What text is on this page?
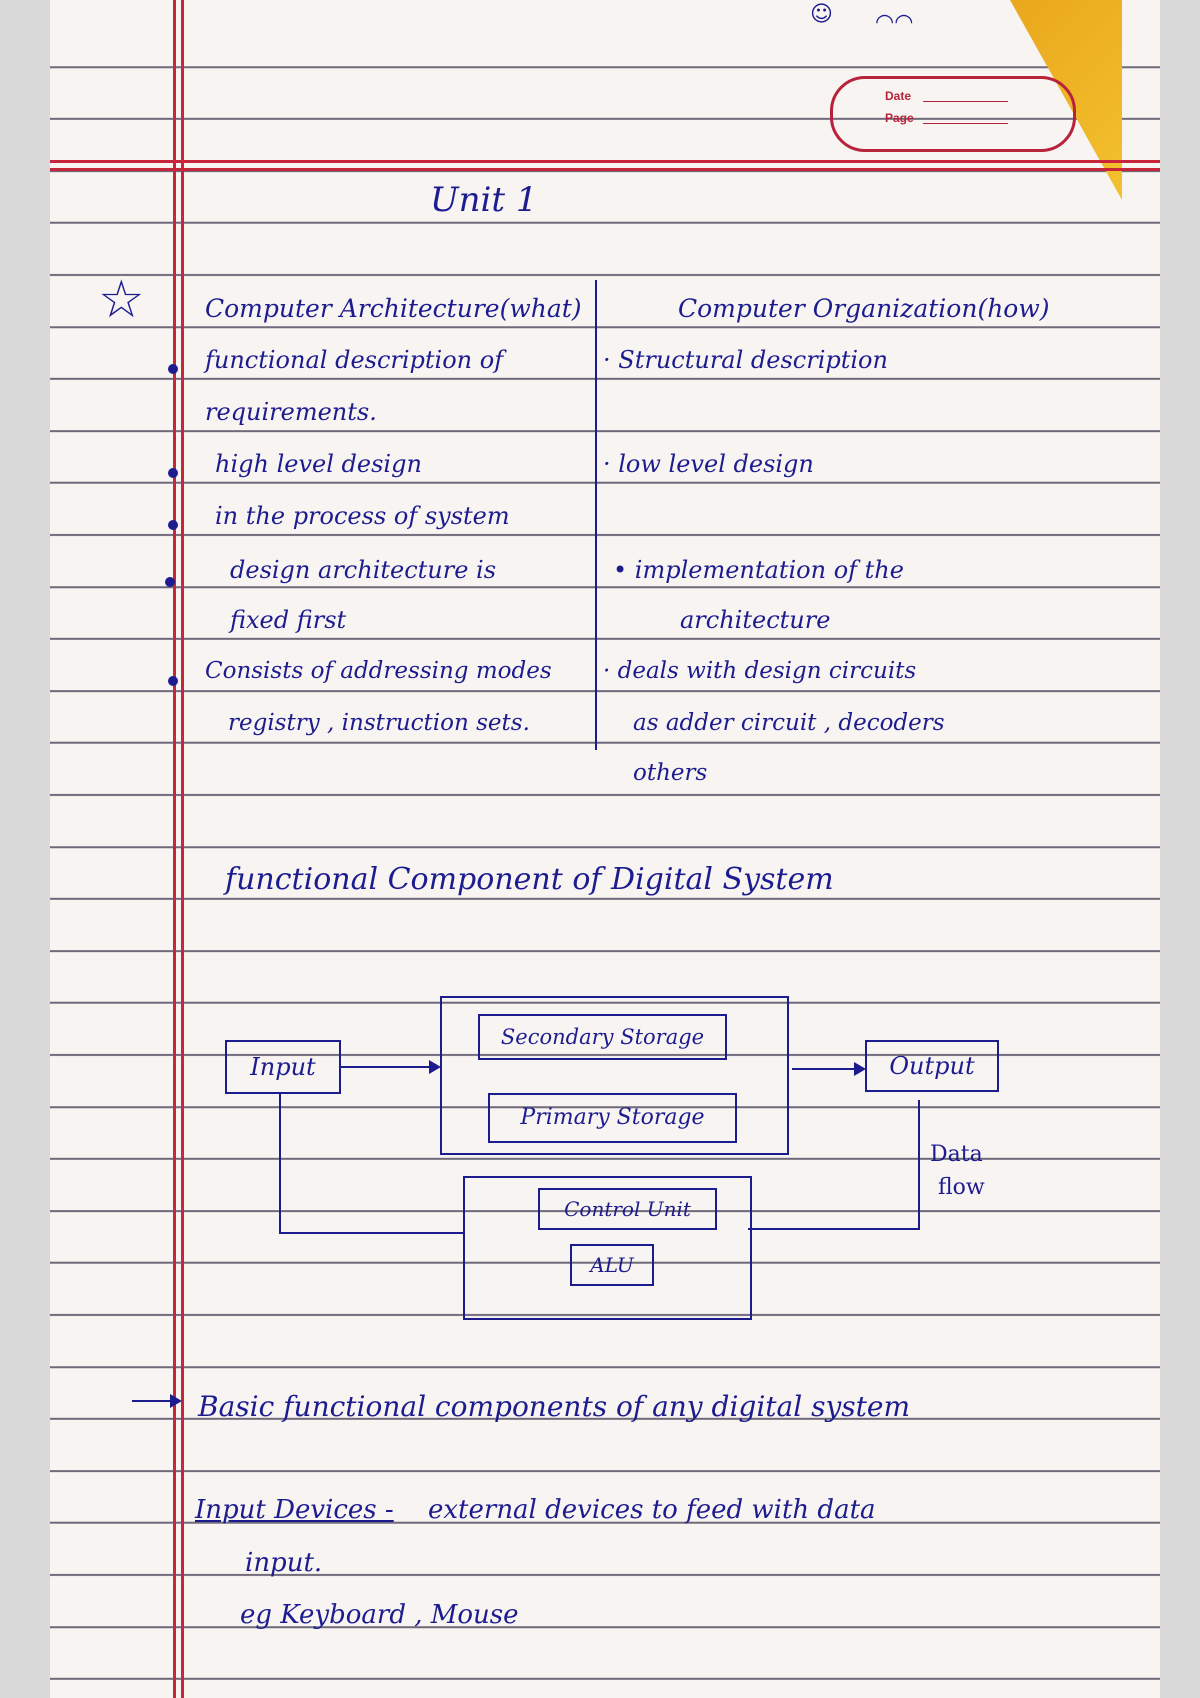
☺ ◠◠
Date
Page
Unit 1
☆ Computer Architecture(what)	Computer Organization(how)
functional description of
requirements.
high level design
in the process of system
design architecture is
fixed first
Consists of addressing modes
registry , instruction sets.
· Structural description
· low level design
• implementation of the
architecture
· deals with design circuits
as adder circuit , decoders
others
functional Component of Digital System
Input
Secondary Storage
Primary Storage
Output
Control Unit
ALU
Data
flow
Basic functional components of any digital system
Input Devices - external devices to feed with data
input.
eg Keyboard , Mouse
